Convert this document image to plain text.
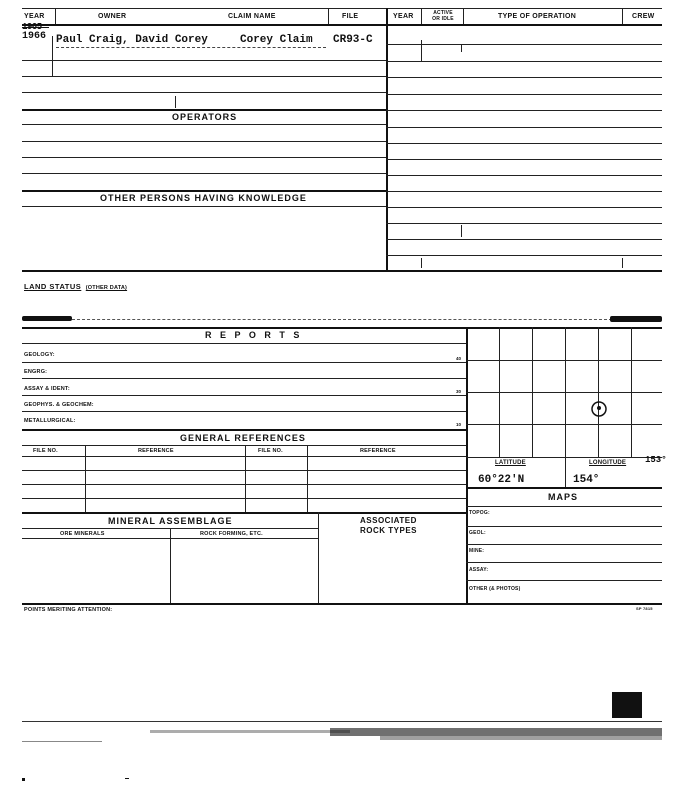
YEAR	OWNER	CLAIM NAME	FILE	YEAR	ACTIVE
OR IDLE	TYPE OF OPERATION	CREW
1965
1966 Paul Craig, David Corey	Corey Claim CR93-C
OPERATORS
OTHER PERSONS HAVING KNOWLEDGE
LAND STATUS (OTHER DATA)
R E P O R T S
GEOLOGY:
40
ENGRG:
ASSAY & IDENT:	30
GEOPHYS. & GEOCHEM:
METALLURGICAL:
10
GENERAL REFERENCES
FILE NO.	REFERENCE	FILE NO.	REFERENCE
LATITUDE	LONGITUDE 153°
60°22'N	154°
MAPS
TOPOG:
GEOL:
MINE:
ASSAY:
OTHER (& PHOTOS)
MINERAL ASSEMBLAGE
ORE MINERALS	ROCK FORMING, ETC.
ASSOCIATED
ROCK TYPES
POINTS MERITING ATTENTION:	SP 7815
